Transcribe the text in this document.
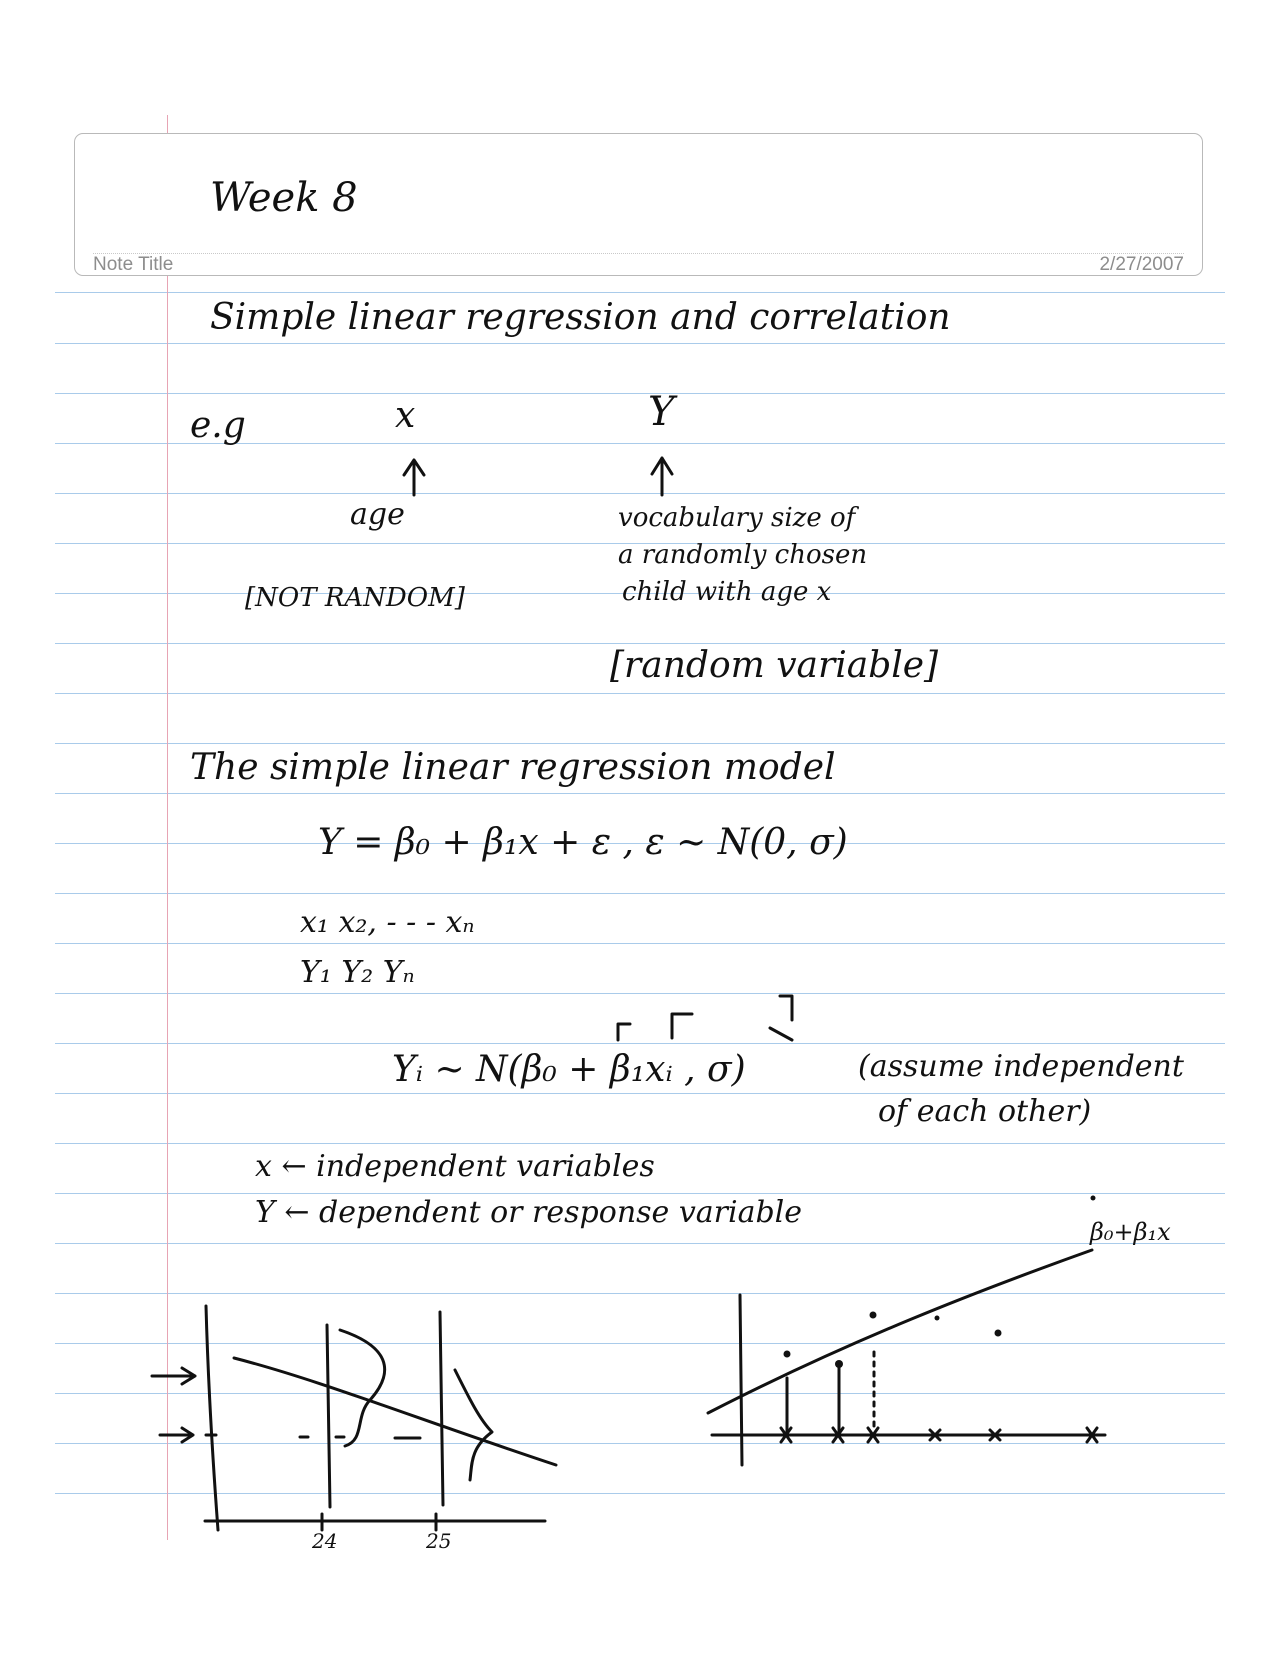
Note Title	2/27/2007
Week 8
Simple linear regression and correlation
e.g	x	Y
age	vocabulary size of
a randomly chosen
child with age x
[NOT RANDOM]
[random variable]
The simple linear regression model
Y = β₀ + β₁x + ε , ε ~ N(0, σ)
x₁ x₂, - - - xₙ
Y₁ Y₂ Yₙ
Yᵢ ~ N(β₀ + β₁xᵢ , σ)	(assume independent
of each other)
x ← independent variables
Y ← dependent or response variable
24	25
β₀+β₁x
